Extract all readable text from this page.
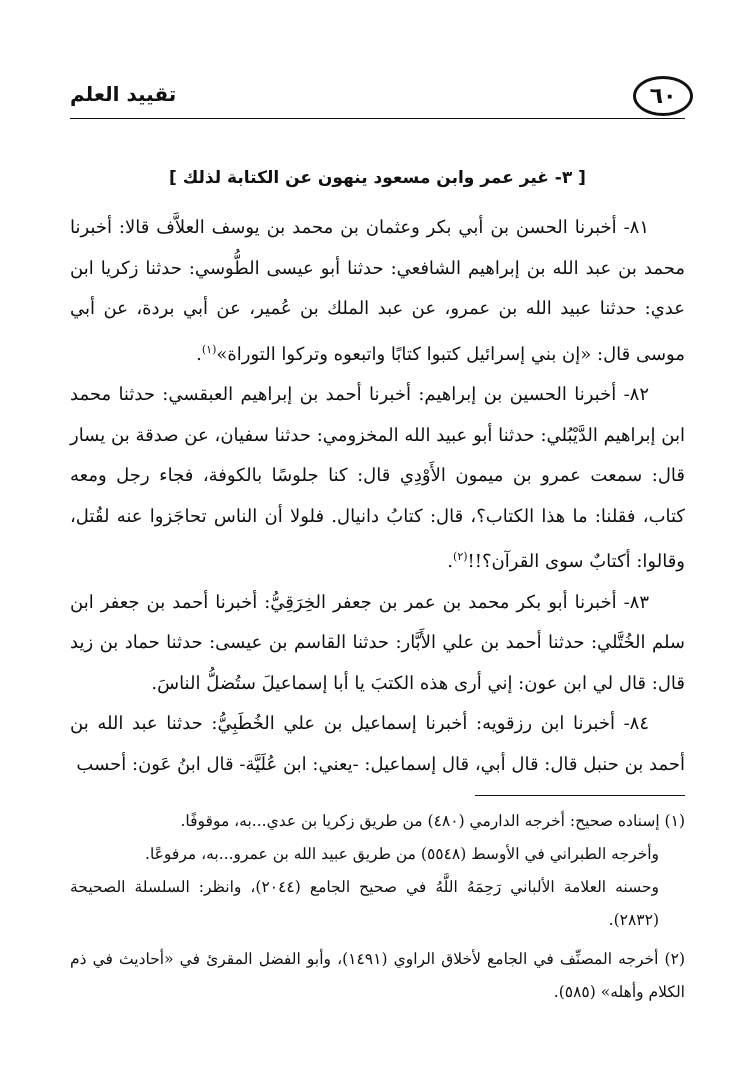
٦٠
تقييد العلم
[ ٣- غير عمر وابن مسعود ينهون عن الكتابة لذلك ]

٨١- أخبرنا الحسن بن أبي بكر وعثمان بن محمد بن يوسف العلاَّف قالا: أخبرنا محمد بن عبد الله بن إبراهيم الشافعي: حدثنا أبو عيسى الطُّوسي: حدثنا زكريا ابن عدي: حدثنا عبيد الله بن عمرو، عن عبد الملك بن عُمير، عن أبي بردة، عن أبي موسى قال: «إن بني إسرائيل كتبوا كتابًا واتبعوه وتركوا التوراة»$^{(١)}$.

٨٢- أخبرنا الحسين بن إبراهيم: أخبرنا أحمد بن إبراهيم العبقسي: حدثنا محمد ابن إبراهيم الدَّيْبُلي: حدثنا أبو عبيد الله المخزومي: حدثنا سفيان، عن صدقة بن يسار قال: سمعت عمرو بن ميمون الأَوْدِي قال: كنا جلوسًا بالكوفة، فجاء رجل ومعه كتاب، فقلنا: ما هذا الكتاب؟، قال: كتابُ دانيال. فلولا أن الناس تحاجَزوا عنه لقُتل، وقالوا: أكتابٌ سوى القرآن؟!!$^{(٢)}$.

٨٣- أخبرنا أبو بكر محمد بن عمر بن جعفر الخِرَقِيُّ: أخبرنا أحمد بن جعفر ابن سلم الخُتَّلي: حدثنا أحمد بن علي الأَبَّار: حدثنا القاسم بن عيسى: حدثنا حماد بن زيد قال: قال لي ابن عون: إني أرى هذه الكتبَ يا أبا إسماعيلَ ستُضلُّ الناسَ.

٨٤- أخبرنا ابن رزقويه: أخبرنا إسماعيل بن علي الخُطَبِيُّ: حدثنا عبد الله بن أحمد بن حنبل قال: قال أبي، قال إسماعيل: -يعني: ابن عُلَيَّة- قال ابنُ عَون: أحسب

(١) إسناده صحيح: أخرجه الدارمي (٤٨٠) من طريق زكريا بن عدي...به، موقوفًا.

وأخرجه الطبراني في الأوسط (٥٥٤٨) من طريق عبيد الله بن عمرو...به، مرفوعًا.

وحسنه العلامة الألباني رَحِمَهُ اللَّهُ في صحيح الجامع (٢٠٤٤)، وانظر: السلسلة الصحيحة (٢٨٣٢).

(٢) أخرجه المصنِّف في الجامع لأخلاق الراوي (١٤٩١)، وأبو الفضل المقرئ في «أحاديث في ذم الكلام وأهله» (٥٨٥).
